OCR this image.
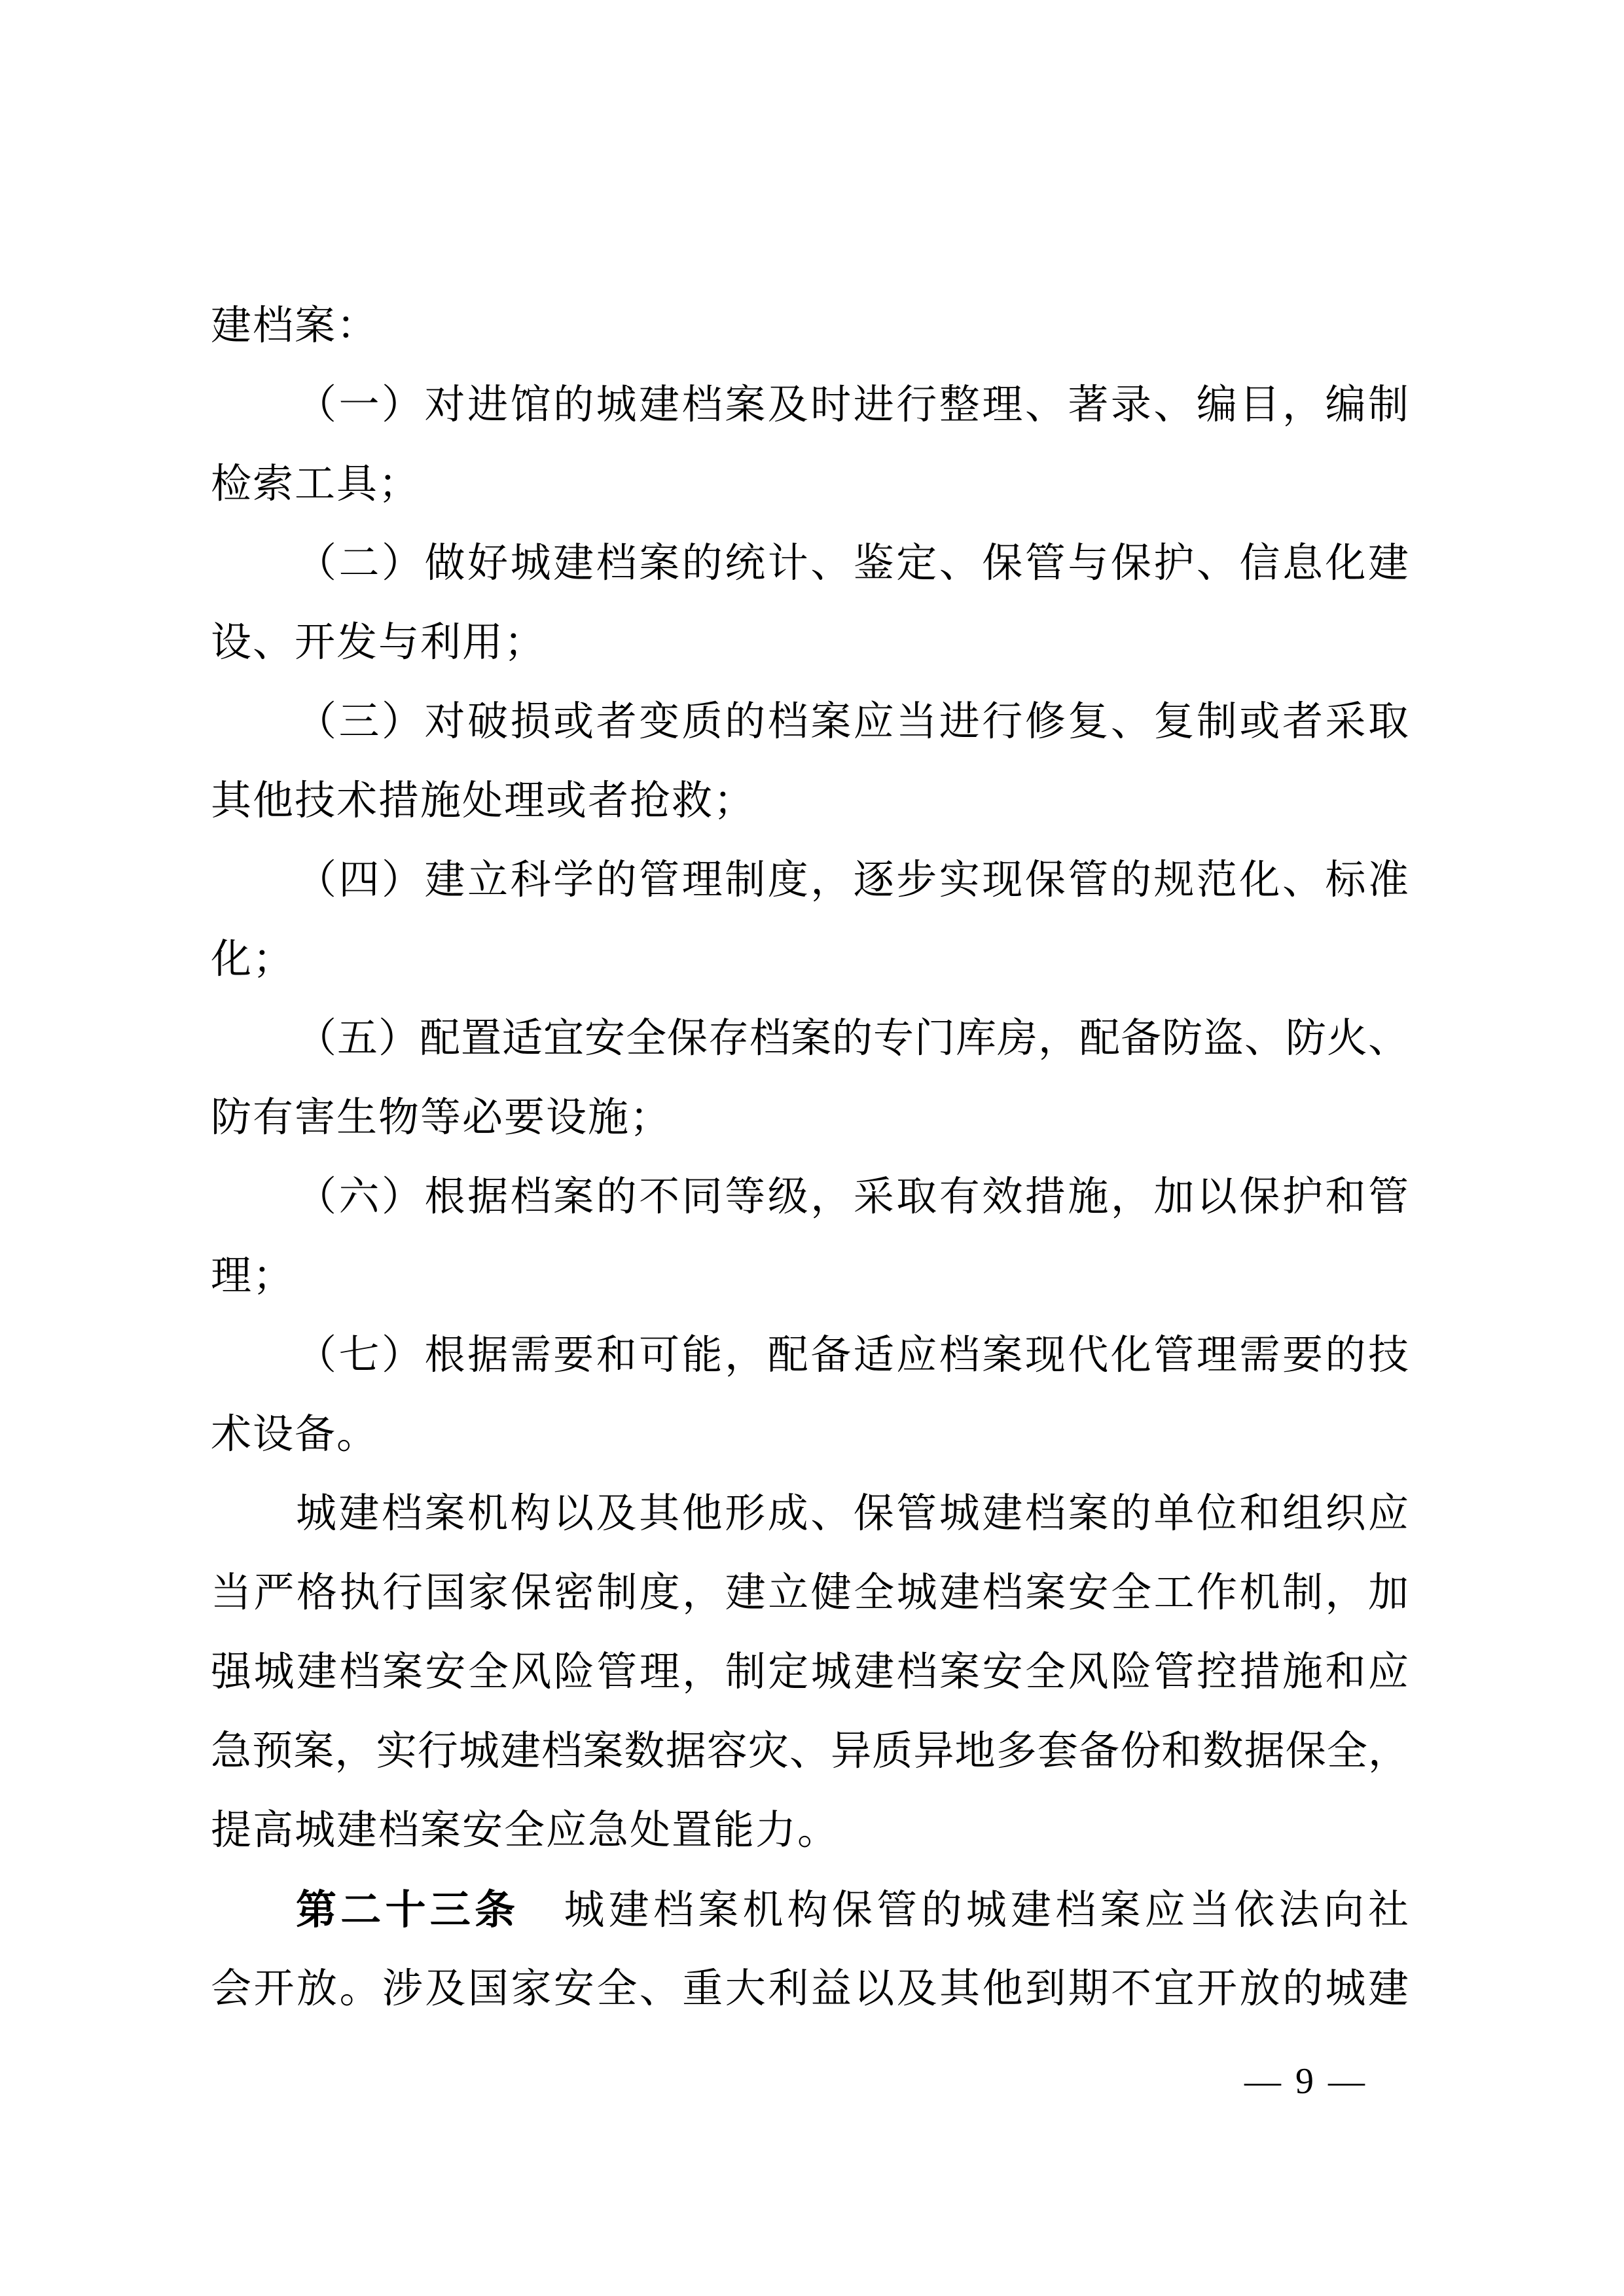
建档案：
（一）对进馆的城建档案及时进行整理、著录、编目，编制
检索工具；
（二）做好城建档案的统计、鉴定、保管与保护、信息化建
设、开发与利用；
（三）对破损或者变质的档案应当进行修复、复制或者采取
其他技术措施处理或者抢救；
（四）建立科学的管理制度，逐步实现保管的规范化、标准
化；
（五）配置适宜安全保存档案的专门库房，配备防盗、防火、
防有害生物等必要设施；
（六）根据档案的不同等级，采取有效措施，加以保护和管
理；
（七）根据需要和可能，配备适应档案现代化管理需要的技
术设备。
城建档案机构以及其他形成、保管城建档案的单位和组织应
当严格执行国家保密制度，建立健全城建档案安全工作机制，加
强城建档案安全风险管理，制定城建档案安全风险管控措施和应
急预案，实行城建档案数据容灾、异质异地多套备份和数据保全，
提高城建档案安全应急处置能力。
第二十三条　 城建档案机构保管的城建档案应当依法向社
会开放。涉及国家安全、重大利益以及其他到期不宜开放的城建
— 9 —
